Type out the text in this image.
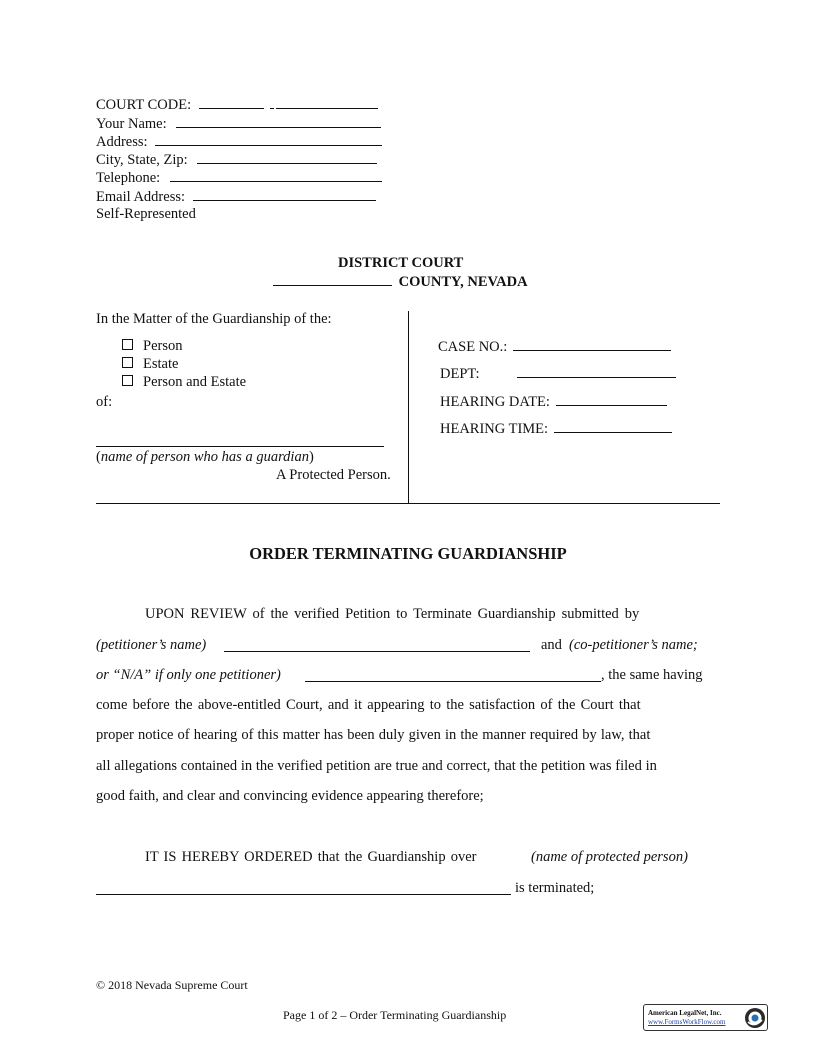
COURT CODE:
Your Name:
Address:
City, State, Zip:
Telephone:
Email Address:
Self-Represented
DISTRICT COURT
COUNTY, NEVADA
In the Matter of the Guardianship of the:
Person
Estate
Person and Estate
of:
(name of person who has a guardian)
A Protected Person.
CASE NO.:
DEPT:
HEARING DATE:
HEARING TIME:
ORDER TERMINATING GUARDIANSHIP
UPON REVIEW of the verified Petition to Terminate Guardianship submitted by
(petitioner’s name)	and (co-petitioner’s name;
or “N/A” if only one petitioner)	, the same having
come before the above-entitled Court, and it appearing to the satisfaction of the Court that
proper notice of hearing of this matter has been duly given in the manner required by law, that
all allegations contained in the verified petition are true and correct, that the petition was filed in
good faith, and clear and convincing evidence appearing therefore;
IT IS HEREBY ORDERED that the Guardianship over	(name of protected person)
is terminated;
© 2018 Nevada Supreme Court
Page 1 of 2 – Order Terminating Guardianship	American LegalNet, Inc.
www.FormsWorkFlow.com
